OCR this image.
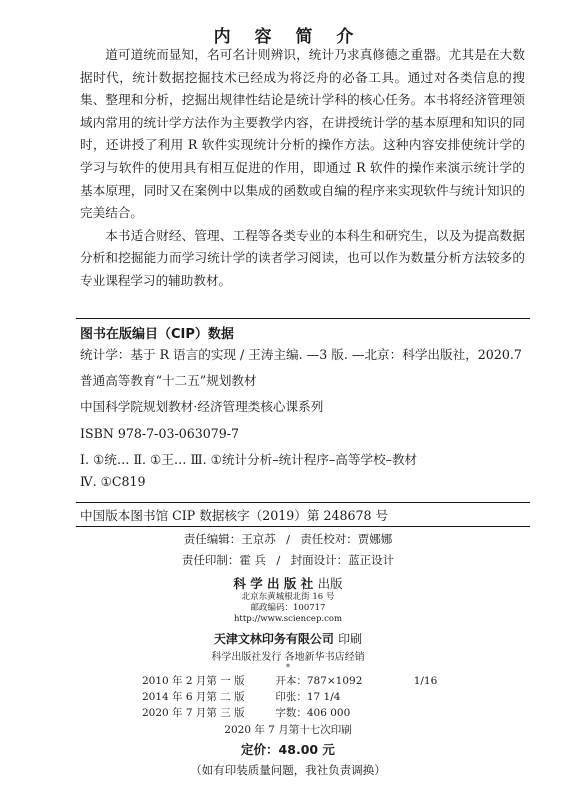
内 容 简 介

道可道统而显知，名可名计则辨识，统计乃求真修德之重器。尤其是在大数据时代，统计数据挖掘技术已经成为将泛舟的必备工具。通过对各类信息的搜集、整理和分析，挖掘出规律性结论是统计学科的核心任务。本书将经济管理领域内常用的统计学方法作为主要教学内容，在讲授统计学的基本原理和知识的同时，还讲授了利用 R 软件实现统计分析的操作方法。这种内容安排使统计学的学习与软件的使用具有相互促进的作用，即通过 R 软件的操作来演示统计学的基本原理，同时又在案例中以集成的函数或自编的程序来实现软件与统计知识的完美结合。

本书适合财经、管理、工程等各类专业的本科生和研究生，以及为提高数据分析和挖掘能力而学习统计学的读者学习阅读，也可以作为数量分析方法较多的专业课程学习的辅助教材。

图书在版编目（CIP）数据
统计学：基于 R 语言的实现 / 王涛主编. —3 版. —北京：科学出版社，2020.7
普通高等教育“十二五”规划教材
中国科学院规划教材·经济管理类核心课系列
ISBN 978-7-03-063079-7
Ⅰ. ①统… Ⅱ. ①王… Ⅲ. ①统计分析–统计程序–高等学校–教材
Ⅳ. ①C819
中国版本图书馆 CIP 数据核字（2019）第 248678 号
责任编辑：王京苏 / 责任校对：贾娜娜
责任印制：霍 兵 / 封面设计：蓝正设计
科 学 出 版 社 出版
北京东黄城根北街 16 号
邮政编码：100717
http://www.sciencep.com
天津文林印务有限公司 印刷
科学出版社发行 各地新华书店经销
*
2010 年 2 月第 一 版	开本：787×1092	1/16
2014 年 6 月第 二 版	印张：17 1/4
2020 年 7 月第 三 版	字数：406 000
2020 年 7 月第十七次印刷
定价：48.00 元
（如有印装质量问题，我社负责调换）
